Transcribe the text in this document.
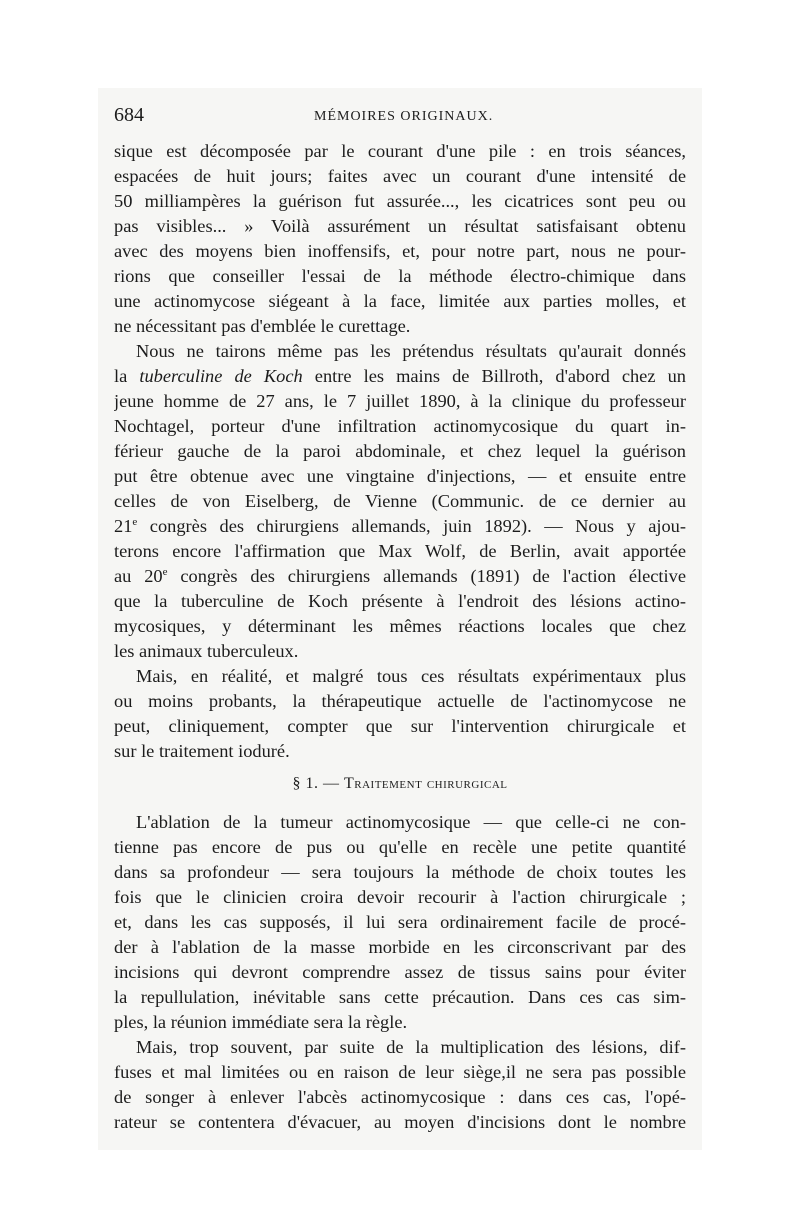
684	MÉMOIRES ORIGINAUX.
sique est décomposée par le courant d'une pile : en trois séances,
espacées de huit jours; faites avec un courant d'une intensité de
50 milliampères la guérison fut assurée..., les cicatrices sont peu ou
pas visibles... » Voilà assurément un résultat satisfaisant obtenu
avec des moyens bien inoffensifs, et, pour notre part, nous ne pour-
rions que conseiller l'essai de la méthode électro-chimique dans
une actinomycose siégeant à la face, limitée aux parties molles, et
ne nécessitant pas d'emblée le curettage.
Nous ne tairons même pas les prétendus résultats qu'aurait donnés
la tuberculine de Koch entre les mains de Billroth, d'abord chez un
jeune homme de 27 ans, le 7 juillet 1890, à la clinique du professeur
Nochtagel, porteur d'une infiltration actinomycosique du quart in-
férieur gauche de la paroi abdominale, et chez lequel la guérison
put être obtenue avec une vingtaine d'injections, — et ensuite entre
celles de von Eiselberg, de Vienne (Communic. de ce dernier au
21e congrès des chirurgiens allemands, juin 1892). — Nous y ajou-
terons encore l'affirmation que Max Wolf, de Berlin, avait apportée
au 20e congrès des chirurgiens allemands (1891) de l'action élective
que la tuberculine de Koch présente à l'endroit des lésions actino-
mycosiques, y déterminant les mêmes réactions locales que chez
les animaux tuberculeux.
Mais, en réalité, et malgré tous ces résultats expérimentaux plus
ou moins probants, la thérapeutique actuelle de l'actinomycose ne
peut, cliniquement, compter que sur l'intervention chirurgicale et
sur le traitement ioduré.
§ 1. — Traitement chirurgical
L'ablation de la tumeur actinomycosique — que celle-ci ne con-
tienne pas encore de pus ou qu'elle en recèle une petite quantité
dans sa profondeur — sera toujours la méthode de choix toutes les
fois que le clinicien croira devoir recourir à l'action chirurgicale ;
et, dans les cas supposés, il lui sera ordinairement facile de procé-
der à l'ablation de la masse morbide en les circonscrivant par des
incisions qui devront comprendre assez de tissus sains pour éviter
la repullulation, inévitable sans cette précaution. Dans ces cas sim-
ples, la réunion immédiate sera la règle.
Mais, trop souvent, par suite de la multiplication des lésions, dif-
fuses et mal limitées ou en raison de leur siège,il ne sera pas possible
de songer à enlever l'abcès actinomycosique : dans ces cas, l'opé-
rateur se contentera d'évacuer, au moyen d'incisions dont le nombre
